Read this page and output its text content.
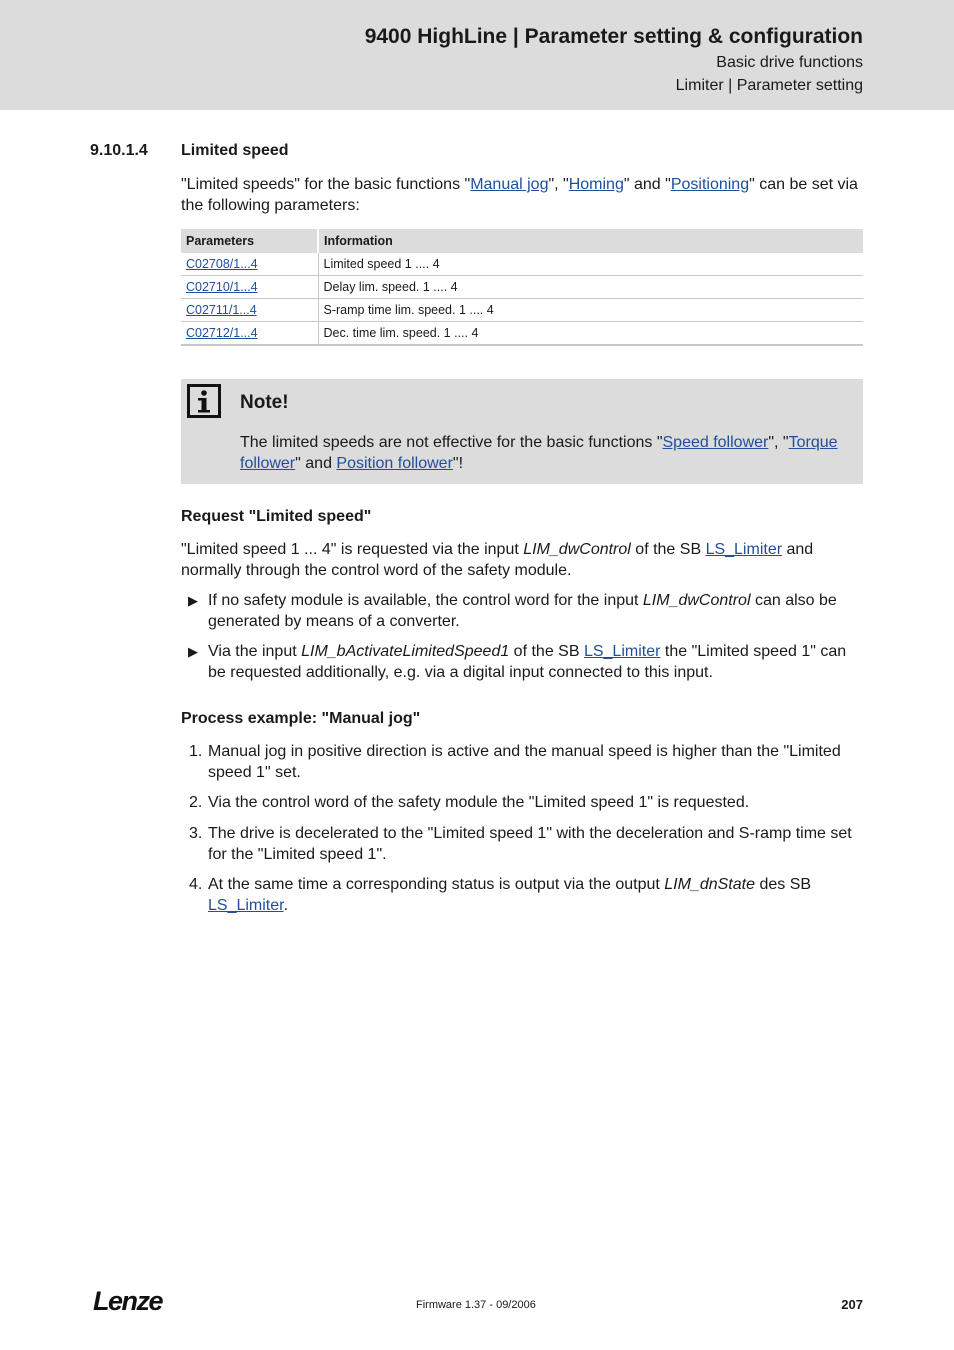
9400 HighLine | Parameter setting & configuration
Basic drive functions
Limiter | Parameter setting
9.10.1.4 Limited speed
"Limited speeds" for the basic functions "Manual jog", "Homing" and "Positioning" can be set via the following parameters:
Parameters	Information
C02708/1...4	Limited speed 1 .... 4
C02710/1...4	Delay lim. speed. 1 .... 4
C02711/1...4	S-ramp time lim. speed. 1 .... 4
C02712/1...4	Dec. time lim. speed. 1 .... 4
Note!
The limited speeds are not effective for the basic functions "Speed follower", "Torque follower" and Position follower"!
Request "Limited speed"
"Limited speed 1 ... 4" is requested via the input LIM_dwControl of the SB LS_Limiter and normally through the control word of the safety module.
▶ If no safety module is available, the control word for the input LIM_dwControl can also be generated by means of a converter.
▶ Via the input LIM_bActivateLimitedSpeed1 of the SB LS_Limiter the "Limited speed 1" can be requested additionally, e.g. via a digital input connected to this input.
Process example: "Manual jog"
1. Manual jog in positive direction is active and the manual speed is higher than the "Limited speed 1" set.
2. Via the control word of the safety module the "Limited speed 1" is requested.
3. The drive is decelerated to the "Limited speed 1" with the deceleration and S-ramp time set for the "Limited speed 1".
4. At the same time a corresponding status is output via the output LIM_dnState des SB LS_Limiter.
Lenze	Firmware 1.37 - 09/2006	207
